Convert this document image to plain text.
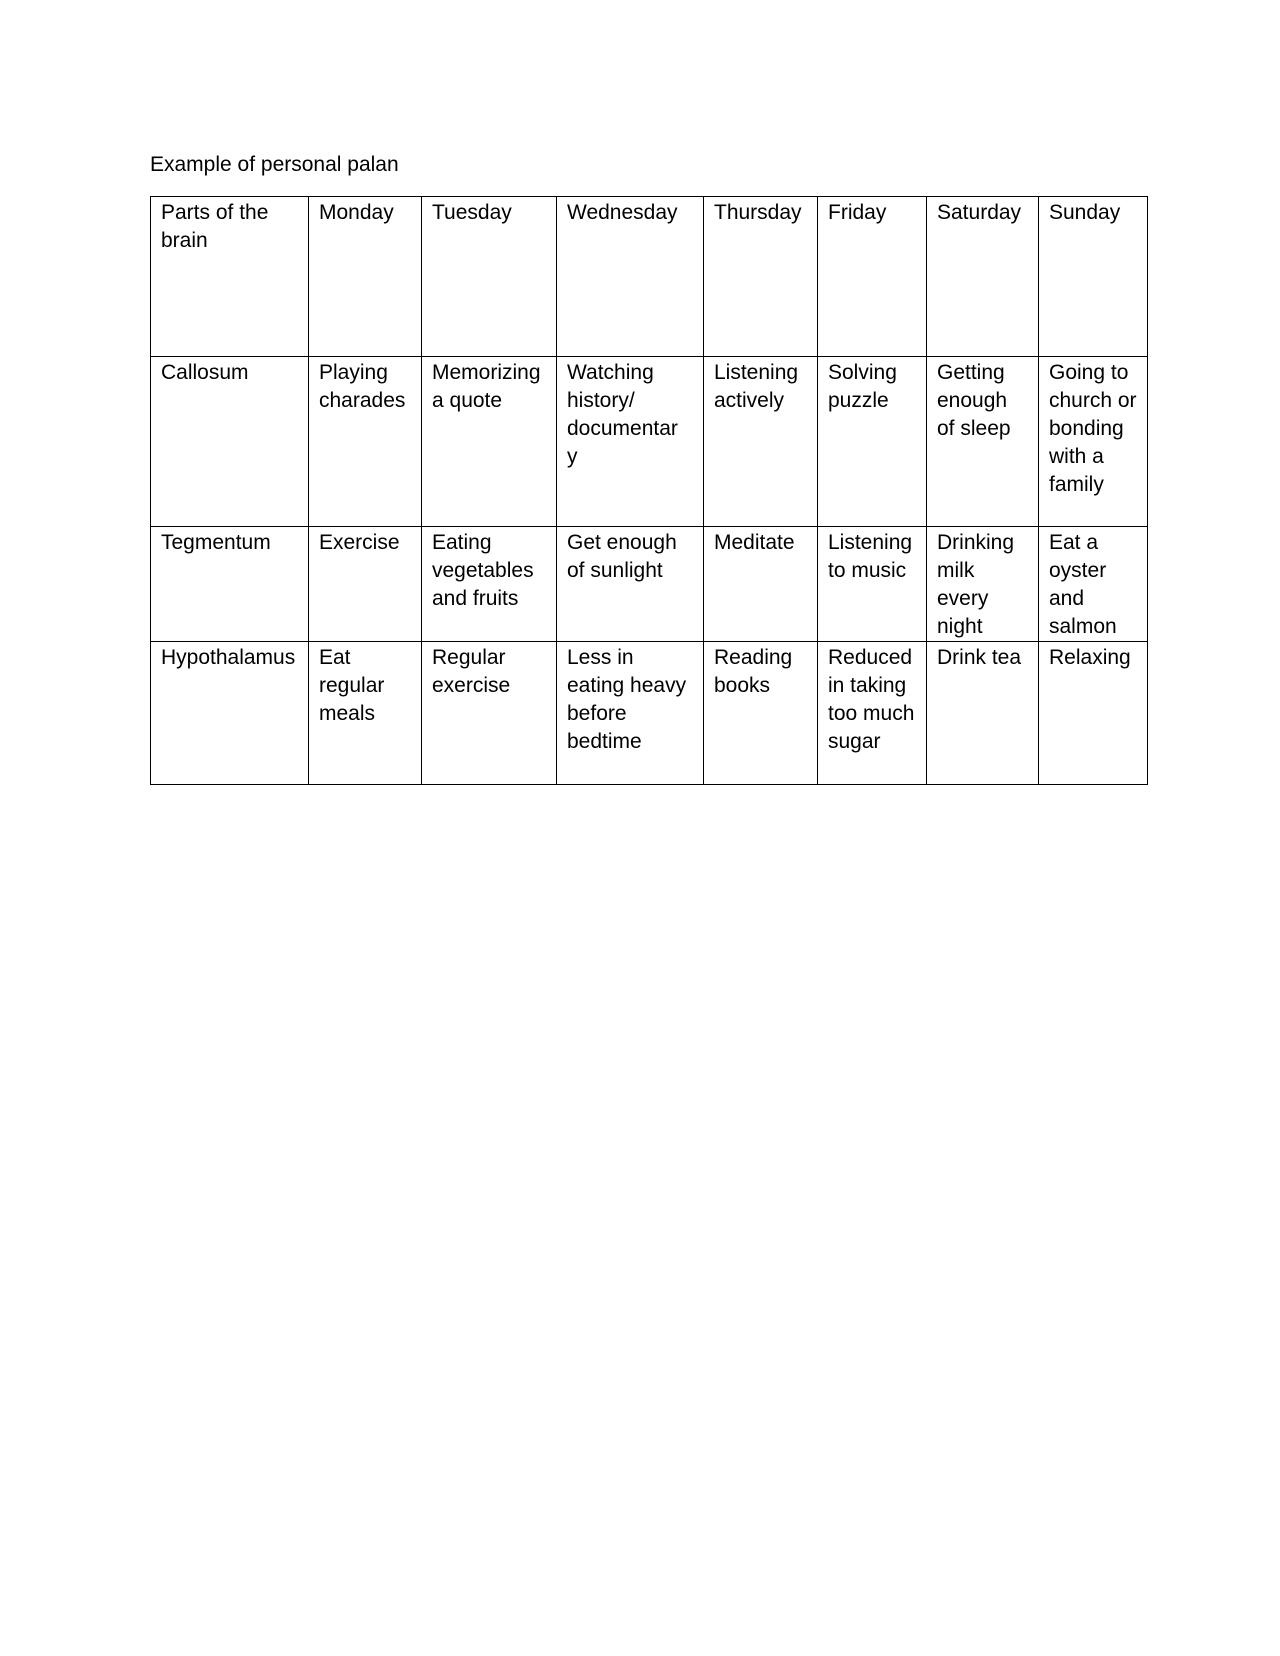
Example of personal palan
Parts of the brain	Monday	Tuesday	Wednesday	Thursday	Friday	Saturday	Sunday

Callosum	Playing charades	Memorizing a quote	Watching history/ documentar y	Listening actively	Solving puzzle	Getting enough of sleep	Going to church or bonding with a family

Tegmentum	Exercise	Eating vegetables and fruits	Get enough of sunlight	Meditate	Listening to music	Drinking milk every night	Eat a oyster and salmon

Hypothalamus	Eat regular meals	Regular exercise	Less in eating heavy before bedtime	Reading books	Reduced in taking too much sugar	Drink tea	Relaxing
